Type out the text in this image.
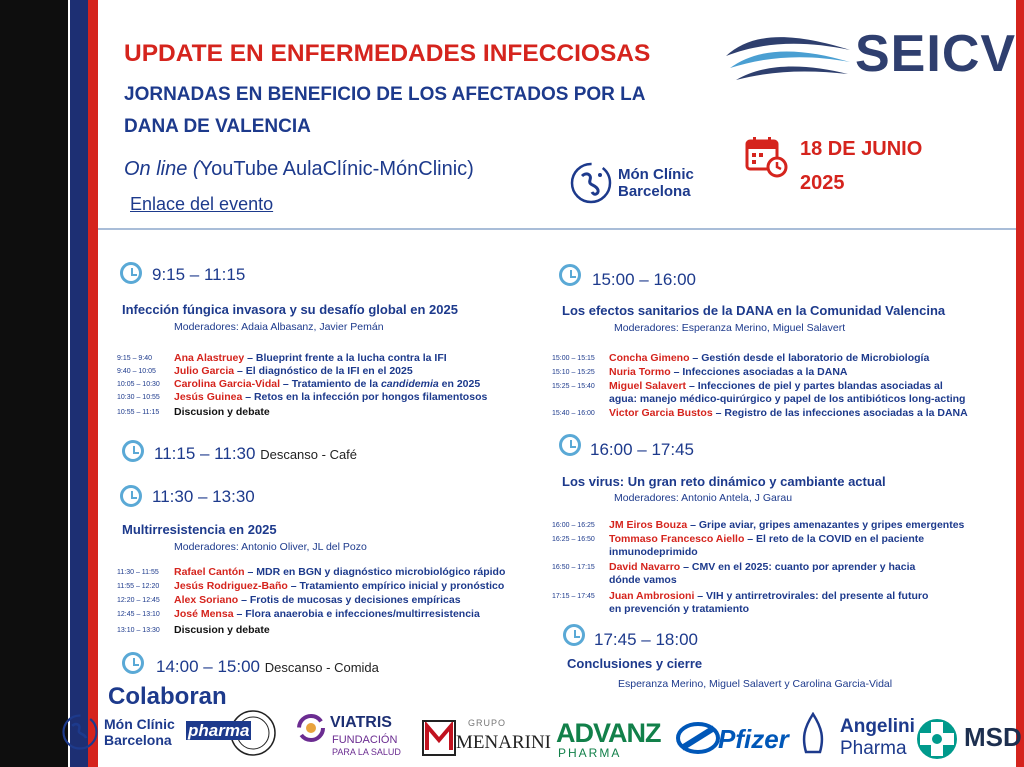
UPDATE EN ENFERMEDADES INFECCIOSAS
JORNADAS EN BENEFICIO DE LOS AFECTADOS POR LA
DANA DE VALENCIA
On line (YouTube AulaClínic-MónClinic)
Enlace del evento
18 DE JUNIO
2025
SEICV
Món Clínic
Barcelona
9:15 – 11:15
Infección fúngica invasora y su desafío global en 2025
Moderadores: Adaia Albasanz, Javier Pemán
9:15 – 9:40 Ana Alastruey – Blueprint frente a la lucha contra la IFI
9:40 – 10:05 Julio Garcia – El diagnóstico de la IFI en el 2025
10:05 – 10:30 Carolina Garcia-Vidal – Tratamiento de la candidemia en 2025
10:30 – 10:55 Jesús Guinea – Retos en la infección por hongos filamentosos
10:55 – 11:15 Discusion y debate
11:15 – 11:30 Descanso - Café
11:30 – 13:30
Multirresistencia en 2025
Moderadores: Antonio Oliver, JL del Pozo
11:30 – 11:55 Rafael Cantón – MDR en BGN y diagnóstico microbiológico rápido
11:55 – 12:20 Jesús Rodriguez-Baño – Tratamiento empírico inicial y pronóstico
12:20 – 12:45 Alex Soriano – Frotis de mucosas y decisiones empíricas
12:45 – 13:10 José Mensa – Flora anaerobia e infecciones/multirresistencia
13:10 – 13:30 Discusion y debate
14:00 – 15:00 Descanso - Comida
15:00 – 16:00
Los efectos sanitarios de la DANA en la Comunidad Valencina
Moderadores: Esperanza Merino, Miguel Salavert
15:00 – 15:15 Concha Gimeno – Gestión desde el laboratorio de Microbiología
15:10 – 15:25 Nuria Tormo – Infecciones asociadas a la DANA
15:25 – 15:40 Miguel Salavert – Infecciones de piel y partes blandas asociadas al
agua: manejo médico-quirúrgico y papel de los antibióticos long-acting
15:40 – 16:00 Victor Garcia Bustos – Registro de las infecciones asociadas a la DANA
16:00 – 17:45
Los virus: Un gran reto dinámico y cambiante actual
Moderadores: Antonio Antela, J Garau
16:00 – 16:25 JM Eiros Bouza – Gripe aviar, gripes amenazantes y gripes emergentes
16:25 – 16:50 Tommaso Francesco Aiello – El reto de la COVID en el paciente
inmunodeprimido
16:50 – 17:15 David Navarro – CMV en el 2025: cuanto por aprender y hacia
dónde vamos
17:15 – 17:45 Juan Ambrosioni – VIH y antirretrovirales: del presente al futuro
en prevención y tratamiento
17:45 – 18:00
Conclusiones y cierre
Esperanza Merino, Miguel Salavert y Carolina Garcia-Vidal
Colaboran
Món Clínic
Barcelona pharma	VIATRIS
FUNDACIÓN
PARA LA SALUD
GRUPO
MENARINI ADVANZ
PHARMA	Pfizer	Angelini
Pharma	MSD
